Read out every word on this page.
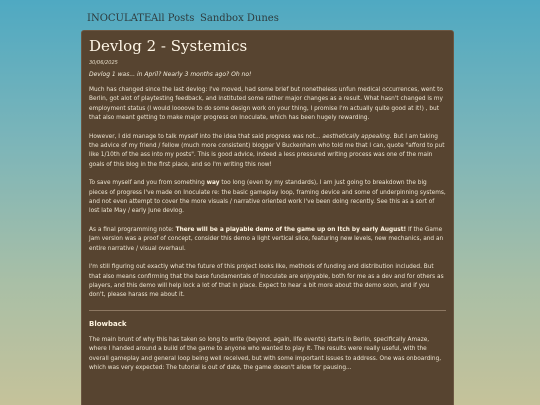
INOCULATE All Posts Sandbox Dunes
Devlog 2 - Systemics
30/06/2025
Devlog 1 was... in April? Nearly 3 months ago? Oh no!

Much has changed since the last devlog: I've moved, had some brief but nonetheless unfun medical occurrences, went to Berlin, got alot of playtesting feedback, and instituted some rather major changes as a result. What hasn't changed is my employment status (I would loooove to do some design work on your thing, I promise I'm actually quite good at it!) , but that also meant getting to make major progress on Inoculate, which has been hugely rewarding.

However, I did manage to talk myself into the idea that said progress was not... aesthetically appealing. But I am taking the advice of my friend / fellow (much more consistent) blogger V Buckenham who told me that I can, quote "afford to put like 1/10th of the ass into my posts". This is good advice, indeed a less pressured writing process was one of the main goals of this blog in the first place, and so I'm writing this now!

To save myself and you from something way too long (even by my standards), I am just going to breakdown the big pieces of progress I've made on Inoculate re: the basic gameplay loop, framing device and some of underpinning systems, and not even attempt to cover the more visuals / narrative oriented work I've been doing recently. See this as a sort of lost late May / early June devlog.

As a final programming note: There will be a playable demo of the game up on Itch by early August! If the Game Jam version was a proof of concept, consider this demo a light vertical slice, featuring new levels, new mechanics, and an entire narrative / visual overhaul.

I'm still figuring out exactly what the future of this project looks like, methods of funding and distribution included. But that also means confirming that the base fundamentals of Inoculate are enjoyable, both for me as a dev and for others as players, and this demo will help lock a lot of that in place. Expect to hear a bit more about the demo soon, and if you don't, please harass me about it.

Blowback

The main brunt of why this has taken so long to write (beyond, again, life events) starts in Berlin, specifically Amaze, where I handed around a build of the game to anyone who wanted to play it. The results were really useful, with the overall gameplay and general loop being well received, but with some important issues to address. One was onboarding, which was very expected: The tutorial is out of date, the game doesn't allow for pausing...
